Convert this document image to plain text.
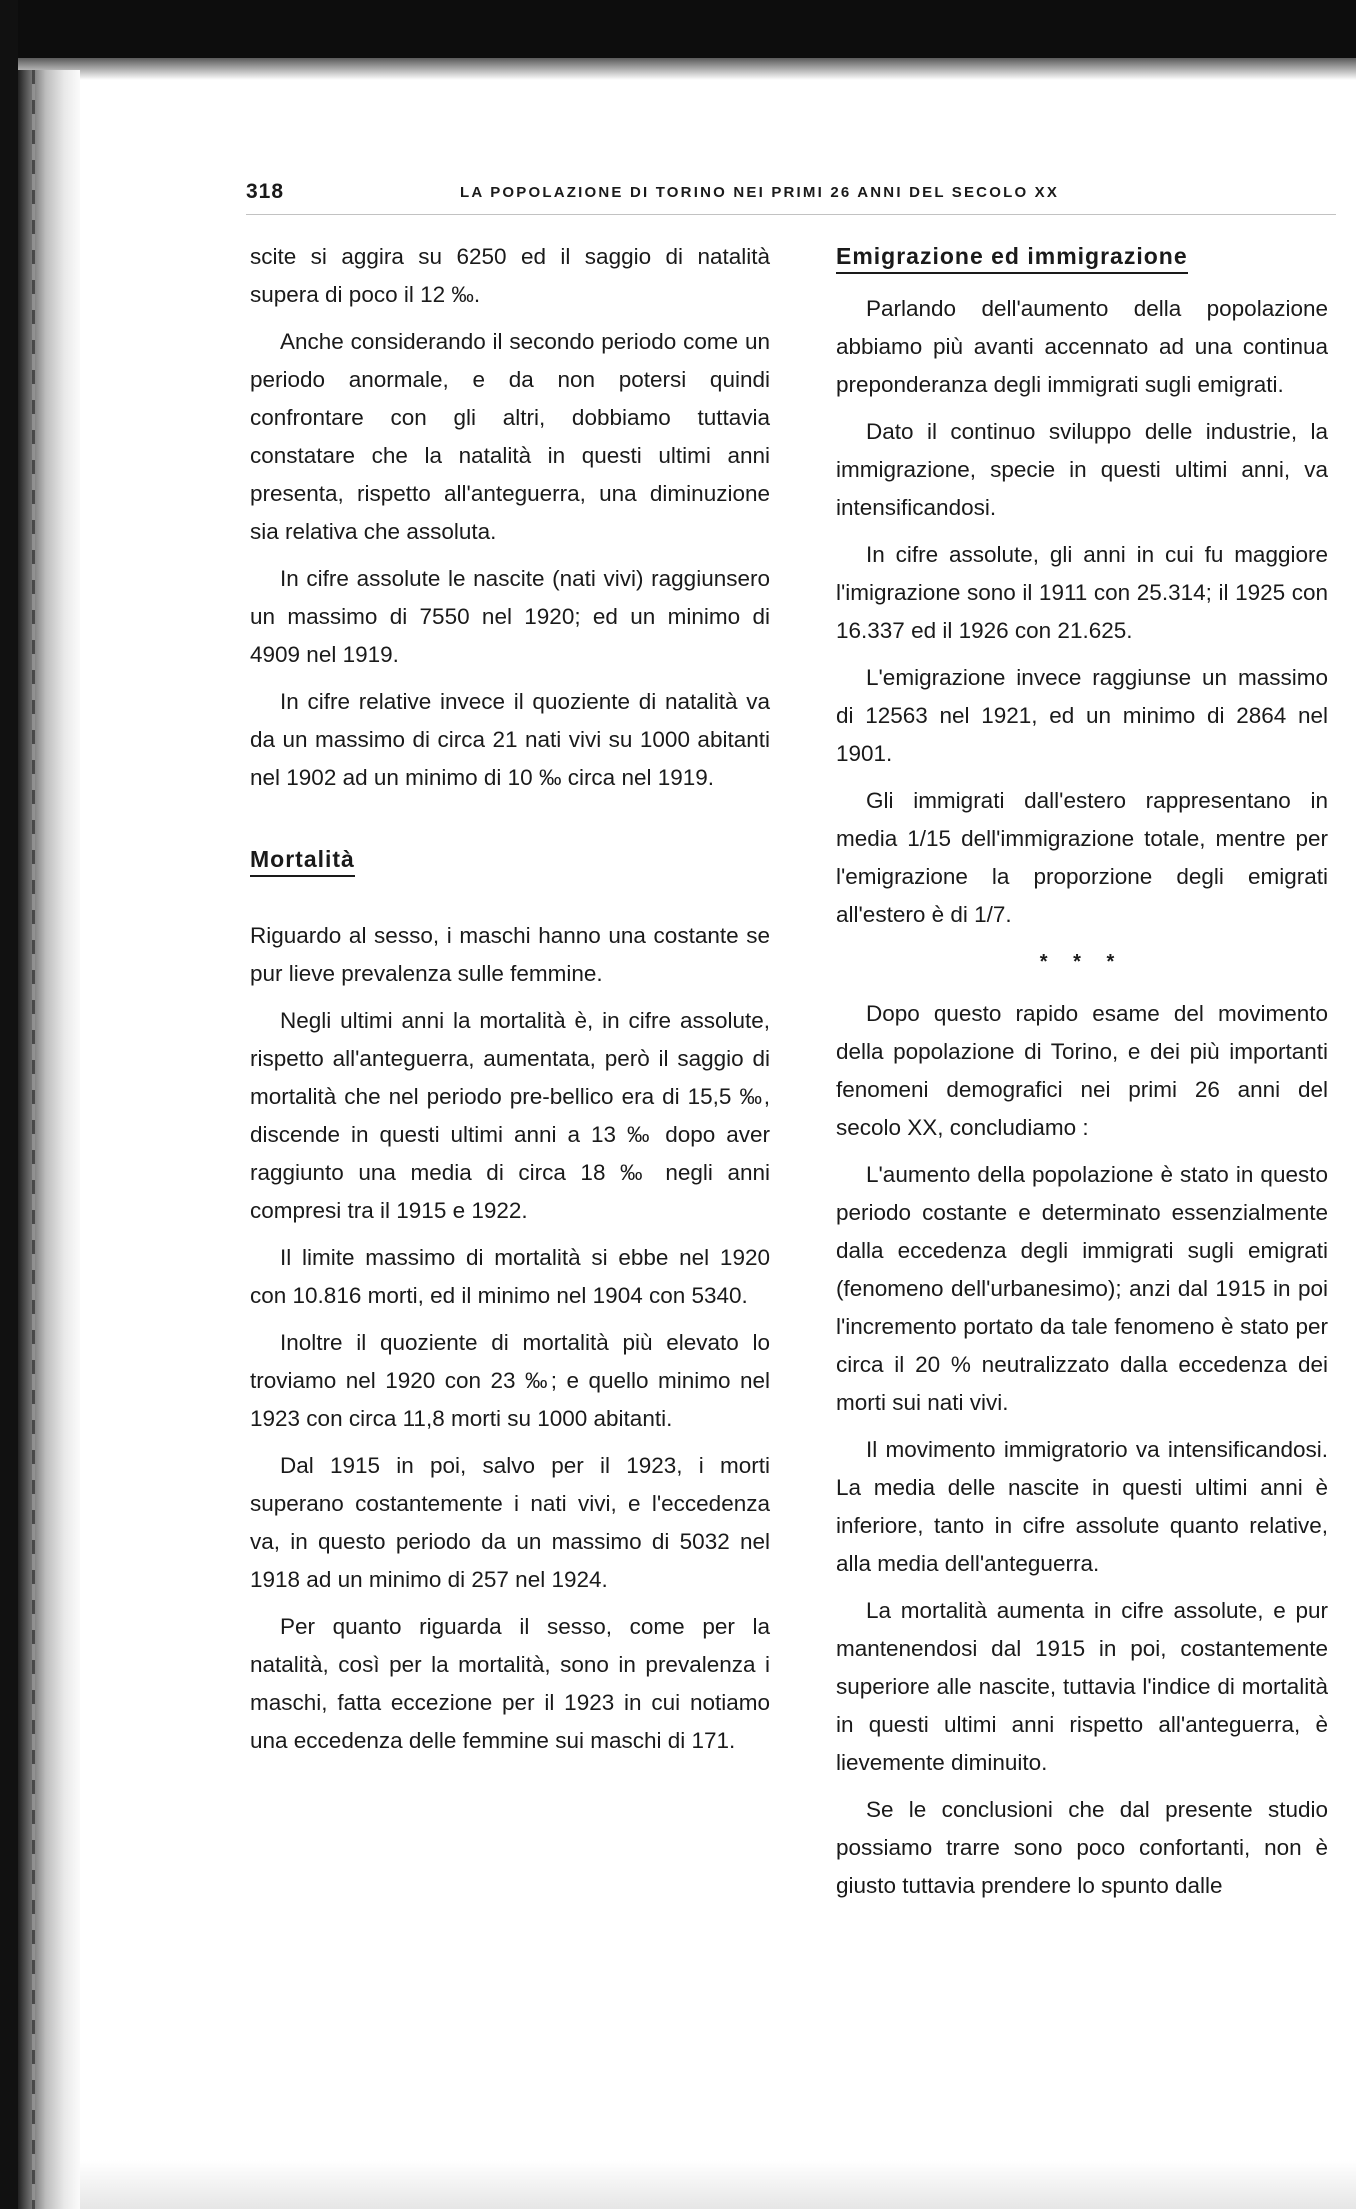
318	LA POPOLAZIONE DI TORINO NEI PRIMI 26 ANNI DEL SECOLO XX

scite si aggira su 6250 ed il saggio di natalità supera di poco il 12 ‰.

Anche considerando il secondo periodo come un periodo anormale, e da non potersi quindi confrontare con gli altri, dobbiamo tuttavia constatare che la natalità in questi ultimi anni presenta, rispetto all'anteguerra, una diminuzione sia relativa che assoluta.

In cifre assolute le nascite (nati vivi) raggiunsero un massimo di 7550 nel 1920; ed un minimo di 4909 nel 1919.

In cifre relative invece il quoziente di natalità va da un massimo di circa 21 nati vivi su 1000 abitanti nel 1902 ad un minimo di 10 ‰ circa nel 1919.

Mortalità

Riguardo al sesso, i maschi hanno una costante se pur lieve prevalenza sulle femmine.

Negli ultimi anni la mortalità è, in cifre assolute, rispetto all'anteguerra, aumentata, però il saggio di mortalità che nel periodo pre-bellico era di 15,5 ‰, discende in questi ultimi anni a 13 ‰ dopo aver raggiunto una media di circa 18 ‰ negli anni compresi tra il 1915 e 1922.

Il limite massimo di mortalità si ebbe nel 1920 con 10.816 morti, ed il minimo nel 1904 con 5340.

Inoltre il quoziente di mortalità più elevato lo troviamo nel 1920 con 23 ‰; e quello minimo nel 1923 con circa 11,8 morti su 1000 abitanti.

Dal 1915 in poi, salvo per il 1923, i morti superano costantemente i nati vivi, e l'eccedenza va, in questo periodo da un massimo di 5032 nel 1918 ad un minimo di 257 nel 1924.

Per quanto riguarda il sesso, come per la natalità, così per la mortalità, sono in prevalenza i maschi, fatta eccezione per il 1923 in cui notiamo una eccedenza delle femmine sui maschi di 171.

Emigrazione ed immigrazione

Parlando dell'aumento della popolazione abbiamo più avanti accennato ad una continua preponderanza degli immigrati sugli emigrati.

Dato il continuo sviluppo delle industrie, la immigrazione, specie in questi ultimi anni, va intensificandosi.

In cifre assolute, gli anni in cui fu maggiore l'imigrazione sono il 1911 con 25.314; il 1925 con 16.337 ed il 1926 con 21.625.

L'emigrazione invece raggiunse un massimo di 12563 nel 1921, ed un minimo di 2864 nel 1901.

Gli immigrati dall'estero rappresentano in media 1/15 dell'immigrazione totale, mentre per l'emigrazione la proporzione degli emigrati all'estero è di 1/7.

* * *

Dopo questo rapido esame del movimento della popolazione di Torino, e dei più importanti fenomeni demografici nei primi 26 anni del secolo XX, concludiamo :

L'aumento della popolazione è stato in questo periodo costante e determinato essenzialmente dalla eccedenza degli immigrati sugli emigrati (fenomeno dell'urbanesimo); anzi dal 1915 in poi l'incremento portato da tale fenomeno è stato per circa il 20 % neutralizzato dalla eccedenza dei morti sui nati vivi.

Il movimento immigratorio va intensificandosi. La media delle nascite in questi ultimi anni è inferiore, tanto in cifre assolute quanto relative, alla media dell'anteguerra.

La mortalità aumenta in cifre assolute, e pur mantenendosi dal 1915 in poi, costantemente superiore alle nascite, tuttavia l'indice di mortalità in questi ultimi anni rispetto all'anteguerra, è lievemente diminuito.

Se le conclusioni che dal presente studio possiamo trarre sono poco confortanti, non è giusto tuttavia prendere lo spunto dalle
